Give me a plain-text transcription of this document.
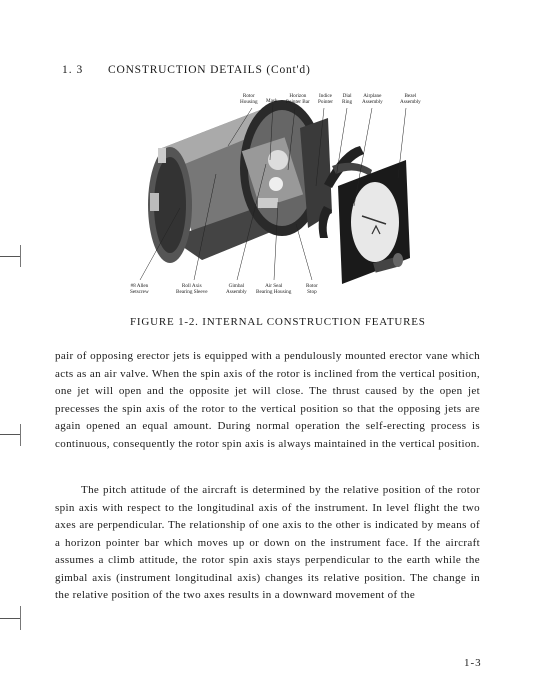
1. 3 CONSTRUCTION DETAILS (Cont'd)
Rotor
Housing Mask
Horizon
Pointer Bar
Indice
Pointer
Dial
Ring
Airplane
Assembly
Bezel
Assembly
#8 Allen
Setscrew
Roll Axis
Bearing Sleeve
Gimbal
Assembly
Air Seal
Bearing Housing
Rotor
Stop
FIGURE 1-2. INTERNAL CONSTRUCTION FEATURES

pair of opposing erector jets is equipped with a pendulously mounted erector vane which acts as an air valve. When the spin axis of the rotor is inclined from the vertical position, one jet will open and the opposite jet will close. The thrust caused by the open jet precesses the spin axis of the rotor to the vertical position so that the opposing jets are again opened an equal amount. During normal operation the self-erecting process is continuous, consequently the rotor spin axis is always maintained in the vertical position.

The pitch attitude of the aircraft is determined by the relative position of the rotor spin axis with respect to the longitudinal axis of the instrument. In level flight the two axes are perpendicular. The relationship of one axis to the other is indicated by means of a horizon pointer bar which moves up or down on the instrument face. If the aircraft assumes a climb attitude, the rotor spin axis stays perpendicular to the earth while the gimbal axis (instrument longitudinal axis) changes its relative position. The change in the relative position of the two axes results in a downward movement of the

1-3
